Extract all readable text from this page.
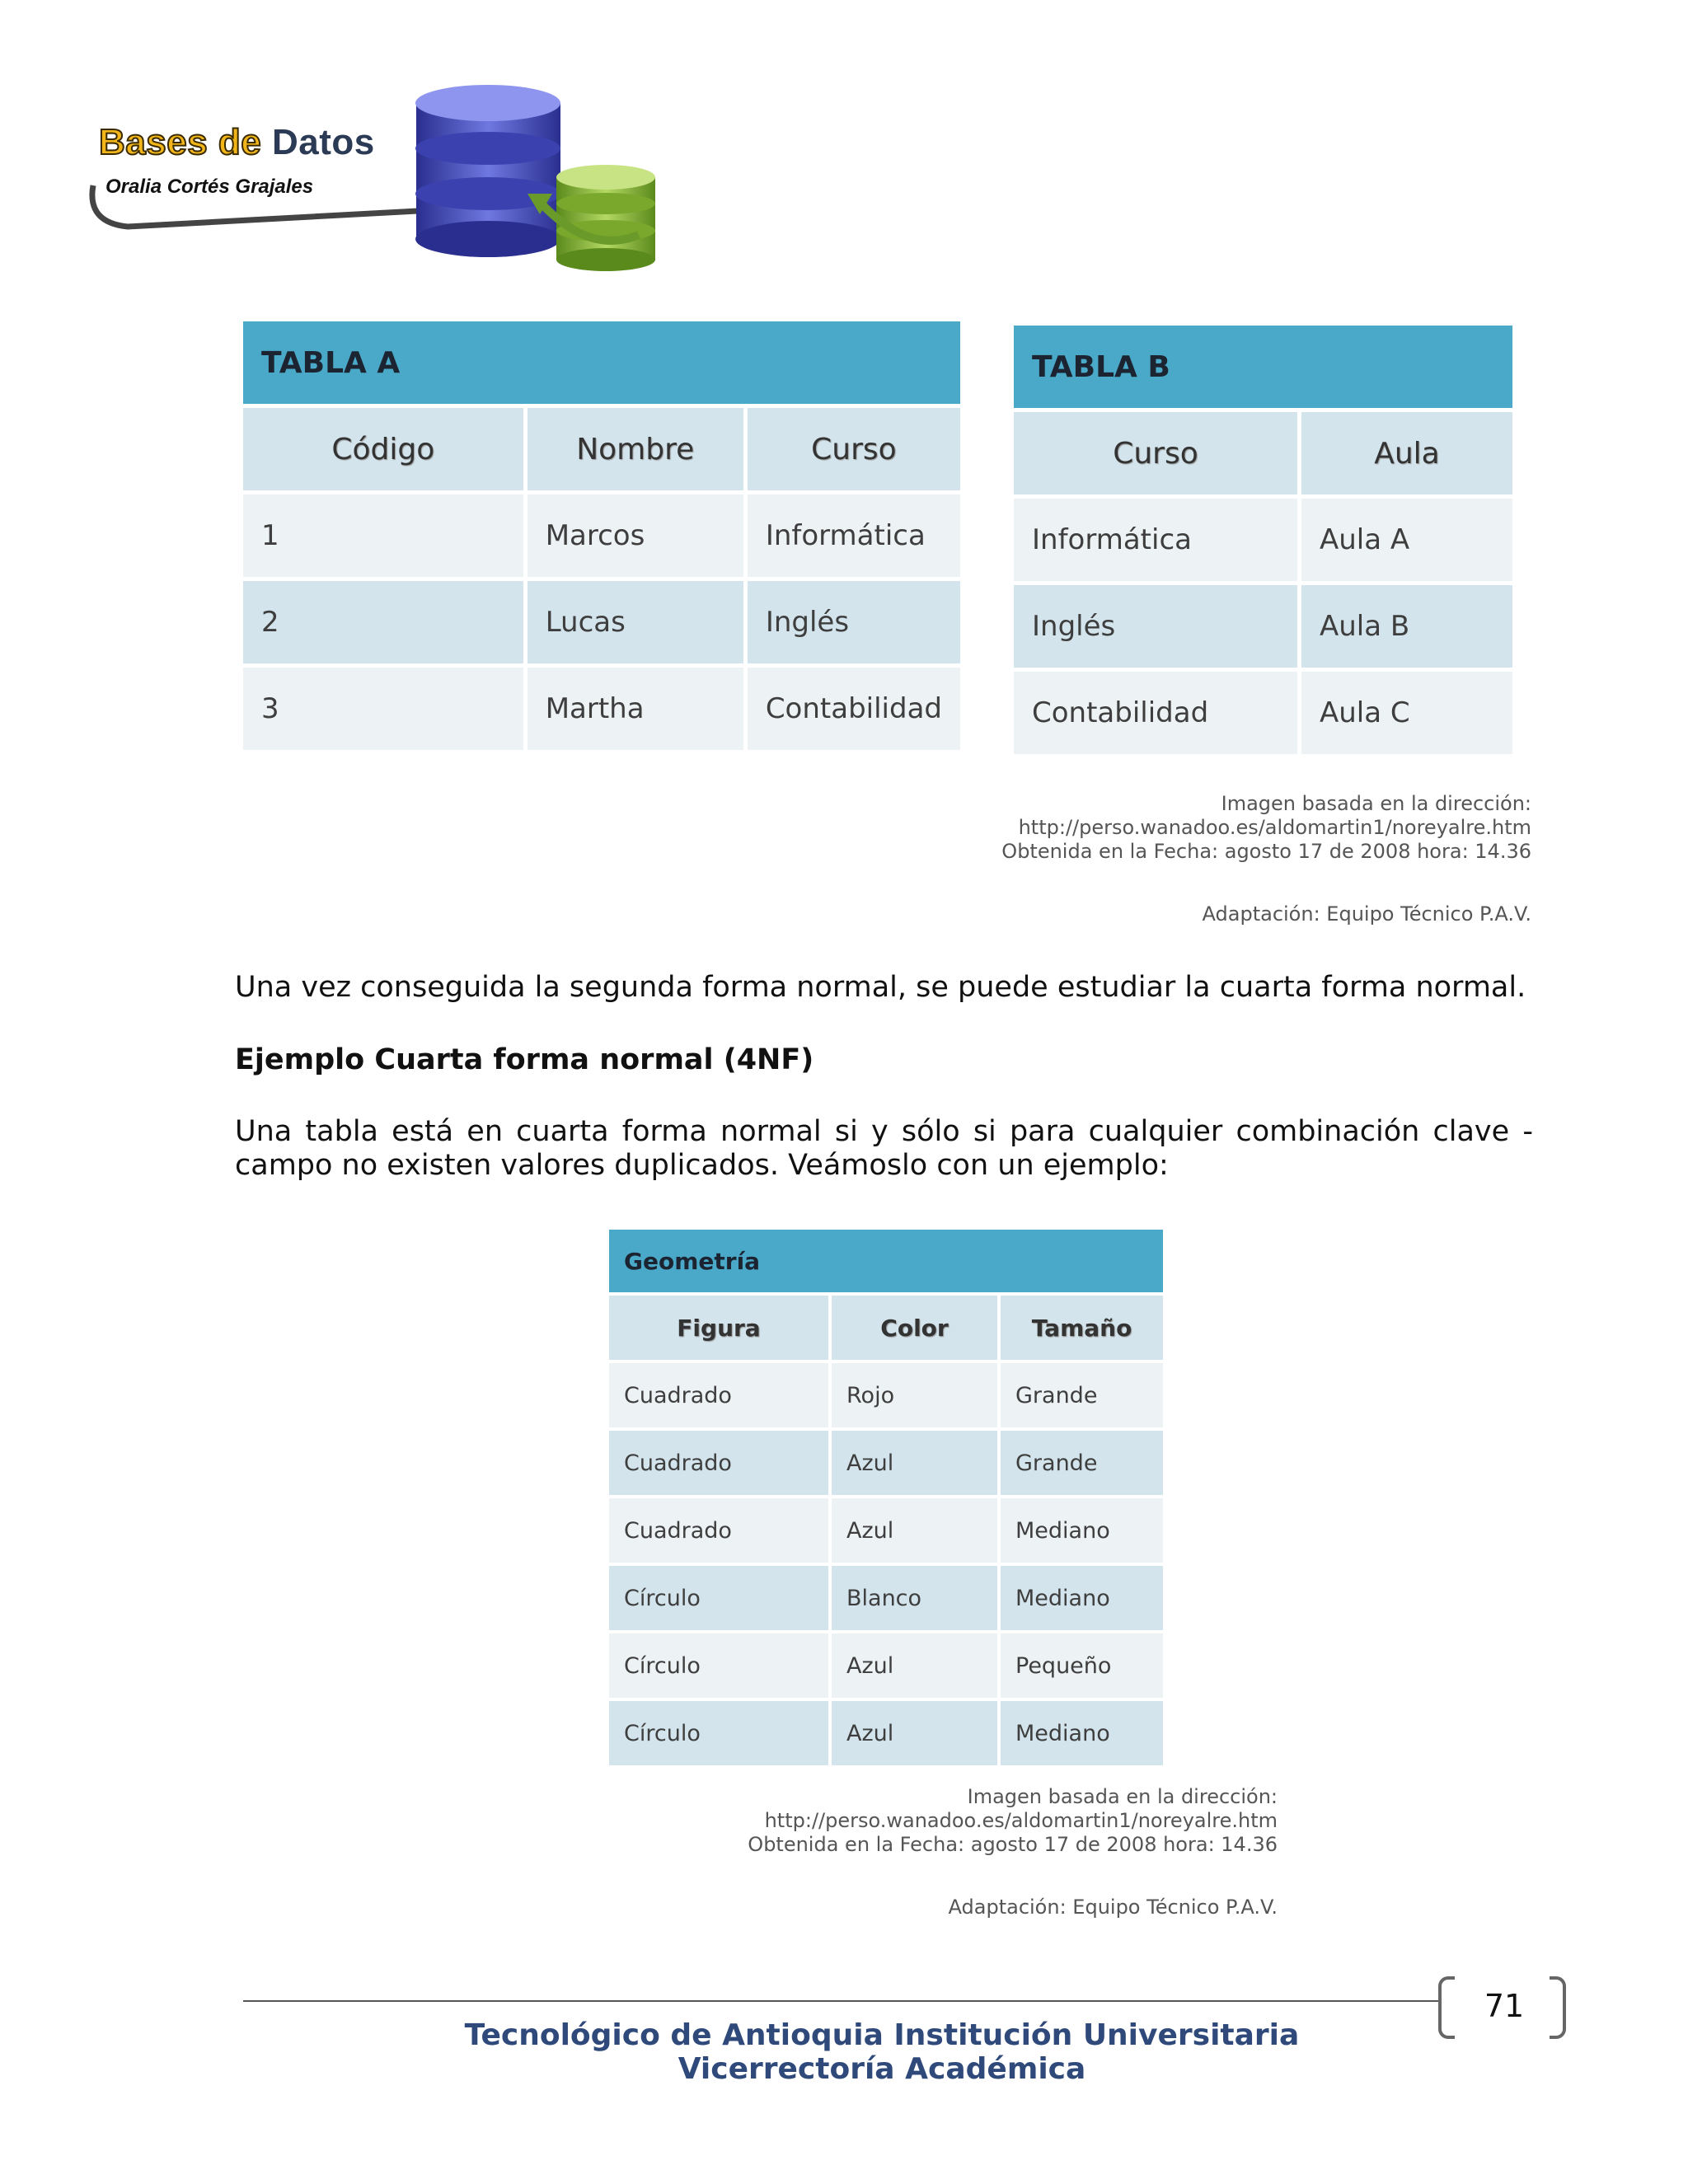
Bases de Datos
Oralia Cortés Grajales
TABLA A		
Código	Nombre	Curso
1	Marcos	Informática
2	Lucas	Inglés
3	Martha	Contabilidad
TABLA B	
Curso	Aula
Informática	Aula A
Inglés	Aula B
Contabilidad	Aula C
Imagen basada en la dirección:
http://perso.wanadoo.es/aldomartin1/noreyalre.htm
Obtenida en la Fecha: agosto 17 de 2008 hora: 14.36
Adaptación: Equipo Técnico P.A.V.
Una vez conseguida la segunda forma normal, se puede estudiar la cuarta forma normal.
Ejemplo Cuarta forma normal (4NF)
Una tabla está en cuarta forma normal si y sólo si para cualquier combinación clave - campo no existen valores duplicados. Veámoslo con un ejemplo:
Geometría		
Figura	Color	Tamaño
Cuadrado	Rojo	Grande
Cuadrado	Azul	Grande
Cuadrado	Azul	Mediano
Círculo	Blanco	Mediano
Círculo	Azul	Pequeño
Círculo	Azul	Mediano
Imagen basada en la dirección:
http://perso.wanadoo.es/aldomartin1/noreyalre.htm
Obtenida en la Fecha: agosto 17 de 2008 hora: 14.36
Adaptación: Equipo Técnico P.A.V.
71
Tecnológico de Antioquia Institución Universitaria
Vicerrectoría Académica
